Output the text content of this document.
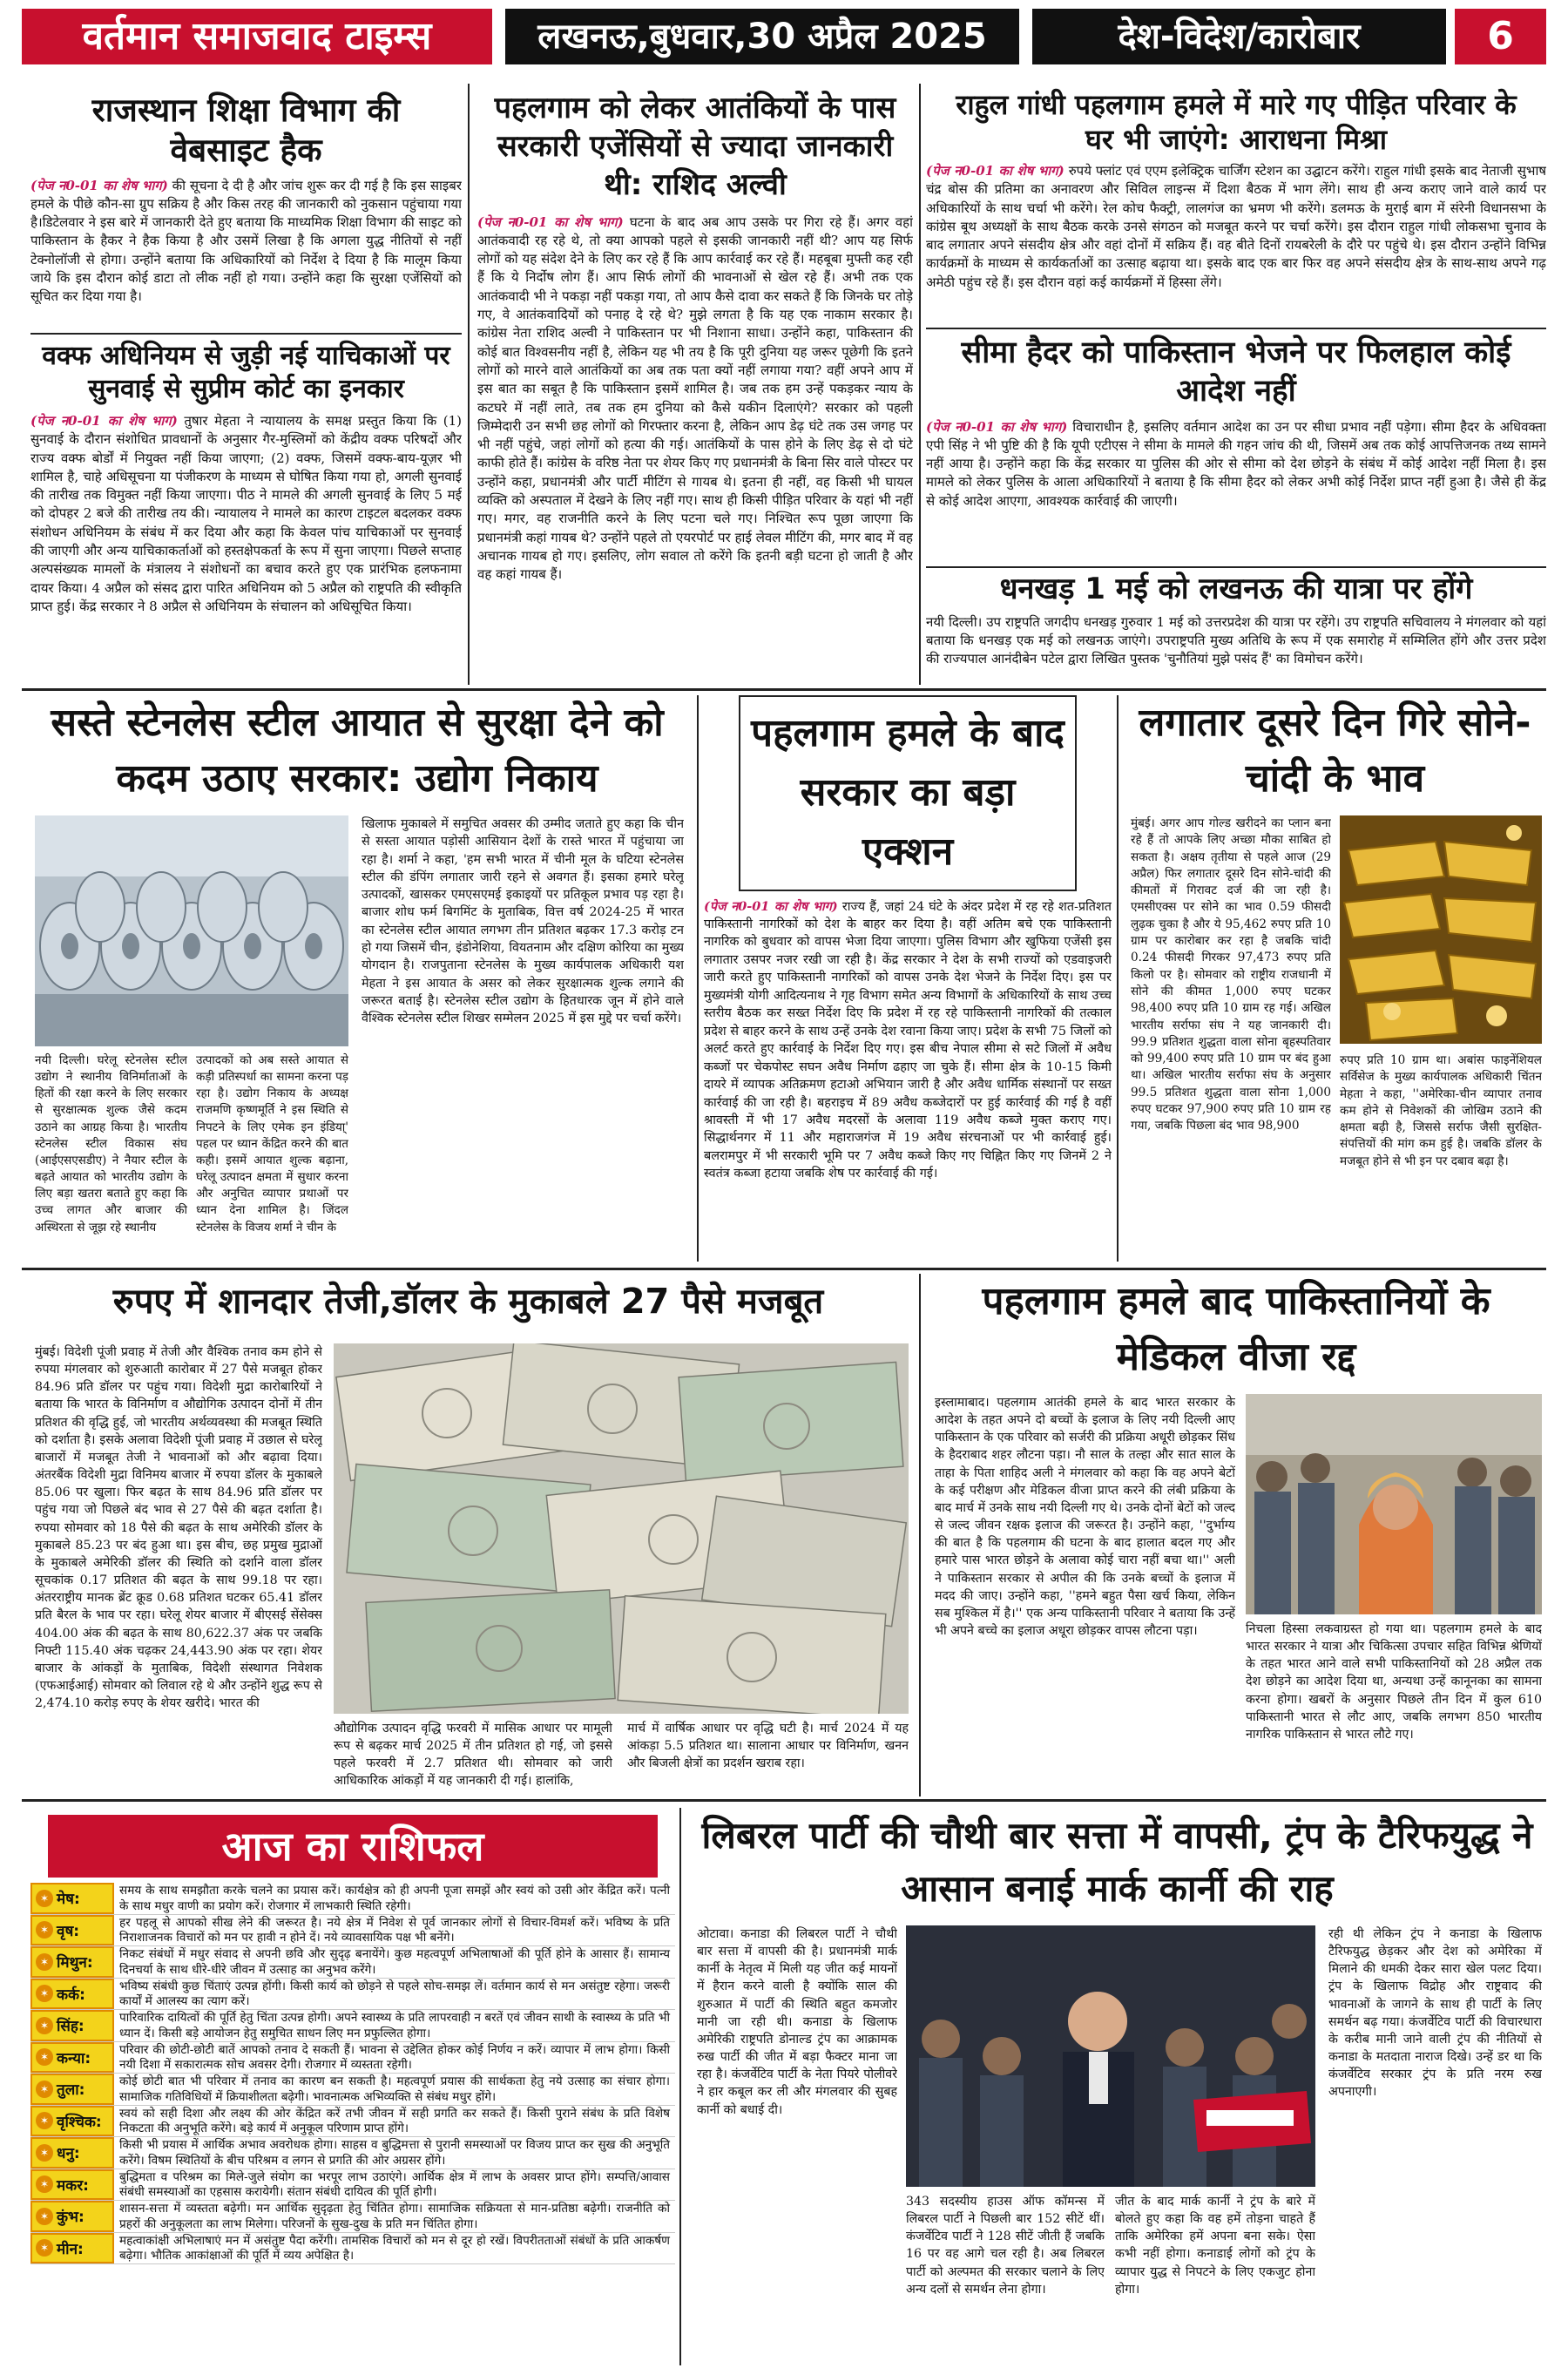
वर्तमान समाजवाद टाइम्स	लखनऊ,बुधवार,30 अप्रैल 2025	देश-विदेश/कारोबार	6
राजस्थान शिक्षा विभाग की वेबसाइट हैक
(पेज न0-01 का शेष भाग) की सूचना दे दी है और जांच शुरू कर दी गई है कि इस साइबर हमले के पीछे कौन-सा ग्रुप सक्रिय है और किस तरह की जानकारी को नुकसान पहुंचाया गया है।डिटेलवार ने इस बारे में जानकारी देते हुए बताया कि माध्यमिक शिक्षा विभाग की साइट को पाकिस्तान के हैकर ने हैक किया है और उसमें लिखा है कि अगला युद्ध नीतियों से नहीं टेक्नोलॉजी से होगा। उन्होंने बताया कि अधिकारियों को निर्देश दे दिया है कि मालूम किया जाये कि इस दौरान कोई डाटा तो लीक नहीं हो गया। उन्होंने कहा कि सुरक्षा एजेंसियों को सूचित कर दिया गया है।
वक्फ अधिनियम से जुड़ी नई याचिकाओं पर सुनवाई से सुप्रीम कोर्ट का इनकार
(पेज न0-01 का शेष भाग) तुषार मेहता ने न्यायालय के समक्ष प्रस्तुत किया कि (1) सुनवाई के दौरान संशोधित प्रावधानों के अनुसार गैर-मुस्लिमों को केंद्रीय वक्फ परिषदों और राज्य वक्फ बोर्डों में नियुक्त नहीं किया जाएगा; (2) वक्फ, जिसमें वक्फ-बाय-यूज़र भी शामिल है, चाहे अधिसूचना या पंजीकरण के माध्यम से घोषित किया गया हो, अगली सुनवाई की तारीख तक विमुक्त नहीं किया जाएगा। पीठ ने मामले की अगली सुनवाई के लिए 5 मई को दोपहर 2 बजे की तारीख तय की। न्यायालय ने मामले का कारण टाइटल बदलकर वक्फ संशोधन अधिनियम के संबंध में कर दिया और कहा कि केवल पांच याचिकाओं पर सुनवाई की जाएगी और अन्य याचिकाकर्ताओं को हस्तक्षेपकर्ता के रूप में सुना जाएगा। पिछले सप्ताह अल्पसंख्यक मामलों के मंत्रालय ने संशोधनों का बचाव करते हुए एक प्रारंभिक हलफनामा दायर किया। 4 अप्रैल को संसद द्वारा पारित अधिनियम को 5 अप्रैल को राष्ट्रपति की स्वीकृति प्राप्त हुई। केंद्र सरकार ने 8 अप्रैल से अधिनियम के संचालन को अधिसूचित किया।
पहलगाम को लेकर आतंकियों के पास सरकारी एजेंसियों से ज्यादा जानकारी थी: राशिद अल्वी
(पेज न0-01 का शेष भाग) घटना के बाद अब आप उसके पर गिरा रहे हैं। अगर वहां आतंकवादी रह रहे थे, तो क्या आपको पहले से इसकी जानकारी नहीं थी? आप यह सिर्फ लोगों को यह संदेश देने के लिए कर रहे हैं कि आप कार्रवाई कर रहे हैं। महबूबा मुफ्ती कह रही हैं कि ये निर्दोष लोग हैं। आप सिर्फ लोगों की भावनाओं से खेल रहे हैं। अभी तक एक आतंकवादी भी ने पकड़ा नहीं पकड़ा गया, तो आप कैसे दावा कर सकते हैं कि जिनके घर तोड़े गए, वे आतंकवादियों को पनाह दे रहे थे? मुझे लगता है कि यह एक नाकाम सरकार है। कांग्रेस नेता राशिद अल्वी ने पाकिस्तान पर भी निशाना साधा। उन्होंने कहा, पाकिस्तान की कोई बात विश्वसनीय नहीं है, लेकिन यह भी तय है कि पूरी दुनिया यह जरूर पूछेगी कि इतने लोगों को मारने वाले आतंकियों का अब तक पता क्यों नहीं लगाया गया? वहीं अपने आप में इस बात का सबूत है कि पाकिस्तान इसमें शामिल है। जब तक हम उन्हें पकड़कर न्याय के कटघरे में नहीं लाते, तब तक हम दुनिया को कैसे यकीन दिलाएंगे? सरकार को पहली जिम्मेदारी उन सभी छह लोगों को गिरफ्तार करना है, लेकिन आप डेढ़ घंटे तक उस जगह पर भी नहीं पहुंचे, जहां लोगों को हत्या की गई। आतंकियों के पास होने के लिए डेढ़ से दो घंटे काफी होते हैं। कांग्रेस के वरिष्ठ नेता पर शेयर किए गए प्रधानमंत्री के बिना सिर वाले पोस्टर पर उन्होंने कहा, प्रधानमंत्री और पार्टी मीटिंग से गायब थे। इतना ही नहीं, वह किसी भी घायल व्यक्ति को अस्पताल में देखने के लिए नहीं गए। साथ ही किसी पीड़ित परिवार के यहां भी नहीं गए। मगर, वह राजनीति करने के लिए पटना चले गए। निश्चित रूप पूछा जाएगा कि प्रधानमंत्री कहां गायब थे? उन्होंने पहले तो एयरपोर्ट पर हाई लेवल मीटिंग की, मगर बाद में वह अचानक गायब हो गए। इसलिए, लोग सवाल तो करेंगे कि इतनी बड़ी घटना हो जाती है और वह कहां गायब हैं।
राहुल गांधी पहलगाम हमले में मारे गए पीड़ित परिवार के घर भी जाएंगे: आराधना मिश्रा
(पेज न0-01 का शेष भाग) रुपये फ्लांट एवं एएम इलेक्ट्रिक चार्जिंग स्टेशन का उद्घाटन करेंगे। राहुल गांधी इसके बाद नेताजी सुभाष चंद्र बोस की प्रतिमा का अनावरण और सिविल लाइन्स में दिशा बैठक में भाग लेंगे। साथ ही अन्य कराए जाने वाले कार्य पर अधिकारियों के साथ चर्चा भी करेंगे। रेल कोच फैक्ट्री, लालगंज का भ्रमण भी करेंगे। डलमऊ के मुराई बाग में संरेनी विधानसभा के कांग्रेस बूथ अध्यक्षों के साथ बैठक करके उनसे संगठन को मजबूत करने पर चर्चा करेंगे। इस दौरान राहुल गांधी लोकसभा चुनाव के बाद लगातार अपने संसदीय क्षेत्र और वहां दोनों में सक्रिय हैं। वह बीते दिनों रायबरेली के दौरे पर पहुंचे थे। इस दौरान उन्होंने विभिन्न कार्यक्रमों के माध्यम से कार्यकर्ताओं का उत्साह बढ़ाया था। इसके बाद एक बार फिर वह अपने संसदीय क्षेत्र के साथ-साथ अपने गढ़ अमेठी पहुंच रहे हैं। इस दौरान वहां कई कार्यक्रमों में हिस्सा लेंगे।
सीमा हैदर को पाकिस्तान भेजने पर फिलहाल कोई आदेश नहीं
(पेज न0-01 का शेष भाग) विचाराधीन है, इसलिए वर्तमान आदेश का उन पर सीधा प्रभाव नहीं पड़ेगा। सीमा हैदर के अधिवक्ता एपी सिंह ने भी पुष्टि की है कि यूपी एटीएस ने सीमा के मामले की गहन जांच की थी, जिसमें अब तक कोई आपत्तिजनक तथ्य सामने नहीं आया है। उन्होंने कहा कि केंद्र सरकार या पुलिस की ओर से सीमा को देश छोड़ने के संबंध में कोई आदेश नहीं मिला है। इस मामले को लेकर पुलिस के आला अधिकारियों ने बताया है कि सीमा हैदर को लेकर अभी कोई निर्देश प्राप्त नहीं हुआ है। जैसे ही केंद्र से कोई आदेश आएगा, आवश्यक कार्रवाई की जाएगी।
धनखड़ 1 मई को लखनऊ की यात्रा पर होंगे
नयी दिल्ली। उप राष्ट्रपति जगदीप धनखड़ गुरुवार 1 मई को उत्तरप्रदेश की यात्रा पर रहेंगे। उप राष्ट्रपति सचिवालय ने मंगलवार को यहां बताया कि धनखड़ एक मई को लखनऊ जाएंगे। उपराष्ट्रपति मुख्य अतिथि के रूप में एक समारोह में सम्मिलित होंगे और उत्तर प्रदेश की राज्यपाल आनंदीबेन पटेल द्वारा लिखित पुस्तक 'चुनौतियां मुझे पसंद हैं' का विमोचन करेंगे।
सस्ते स्टेनलेस स्टील आयात से सुरक्षा देने को कदम उठाए सरकार: उद्योग निकाय
नयी दिल्ली। घरेलू स्टेनलेस स्टील उद्योग ने स्थानीय विनिर्माताओं के हितों की रक्षा करने के लिए सरकार से सुरक्षात्मक शुल्क जैसे कदम उठाने का आग्रह किया है। भारतीय स्टेनलेस स्टील विकास संघ (आईएसएसडीए) ने नैयार स्टील के बढ़ते आयात को भारतीय उद्योग के लिए बड़ा खतरा बताते हुए कहा कि उच्च लागत और बाजार की अस्थिरता से जूझ रहे स्थानीय
उत्पादकों को अब सस्ते आयात से कड़ी प्रतिस्पर्धा का सामना करना पड़ रहा है। उद्योग निकाय के अध्यक्ष राजमणि कृष्णमूर्ति ने इस स्थिति से निपटने के लिए एमेक इन इंडिया्' पहल पर ध्यान केंद्रित करने की बात कही। इसमें आयात शुल्क बढ़ाना, घरेलू उत्पादन क्षमता में सुधार करना और अनुचित व्यापार प्रथाओं पर ध्यान देना शामिल है। जिंदल स्टेनलेस के विजय शर्मा ने चीन के
खिलाफ मुकाबले में समुचित अवसर की उम्मीद जताते हुए कहा कि चीन से सस्ता आयात पड़ोसी आसियान देशों के रास्ते भारत में पहुंचाया जा रहा है। शर्मा ने कहा, 'हम सभी भारत में चीनी मूल के घटिया स्टेनलेस स्टील की डंपिंग लगातार जारी रहने से अवगत हैं। इसका हमारे घरेलू उत्पादकों, खासकर एमएसएमई इकाइयों पर प्रतिकूल प्रभाव पड़ रहा है। बाजार शोध फर्म बिगमिंट के मुताबिक, वित्त वर्ष 2024-25 में भारत का स्टेनलेस स्टील आयात लगभग तीन प्रतिशत बढ़कर 17.3 करोड़ टन हो गया जिसमें चीन, इंडोनेशिया, वियतनाम और दक्षिण कोरिया का मुख्य योगदान है। राजपुताना स्टेनलेस के मुख्य कार्यपालक अधिकारी यश मेहता ने इस आयात के असर को लेकर सुरक्षात्मक शुल्क लगाने की जरूरत बताई है। स्टेनलेस स्टील उद्योग के हितधारक जून में होने वाले वैश्विक स्टेनलेस स्टील शिखर सम्मेलन 2025 में इस मुद्दे पर चर्चा करेंगे।
पहलगाम हमले के बाद सरकार का बड़ा एक्शन
(पेज न0-01 का शेष भाग) राज्य हैं, जहां 24 घंटे के अंदर प्रदेश में रह रहे शत-प्रतिशत पाकिस्तानी नागरिकों को देश के बाहर कर दिया है। वहीं अतिम बचे एक पाकिस्तानी नागरिक को बुधवार को वापस भेजा दिया जाएगा। पुलिस विभाग और खुफिया एजेंसी इस लगातार उसपर नजर रखी जा रही है। केंद्र सरकार ने देश के सभी राज्यों को एडवाइजरी जारी करते हुए पाकिस्तानी नागरिकों को वापस उनके देश भेजने के निर्देश दिए। इस पर मुख्यमंत्री योगी आदित्यनाथ ने गृह विभाग समेत अन्य विभागों के अधिकारियों के साथ उच्च स्तरीय बैठक कर सख्त निर्देश दिए कि प्रदेश में रह रहे पाकिस्तानी नागरिकों की तत्काल प्रदेश से बाहर करने के साथ उन्हें उनके देश रवाना किया जाए। प्रदेश के सभी 75 जिलों को अलर्ट करते हुए कार्रवाई के निर्देश दिए गए। इस बीच नेपाल सीमा से सटे जिलों में अवैध कब्जों पर चेकपोस्ट सघन अवैध निर्माण ढहाए जा चुके हैं। सीमा क्षेत्र के 10-15 किमी दायरे में व्यापक अतिक्रमण हटाओ अभियान जारी है और अवैध धार्मिक संस्थानों पर सख्त कार्रवाई की जा रही है। बहराइच में 89 अवैध कब्जेदारों पर हुई कार्रवाई की गई है वहीं श्रावस्ती में भी 17 अवैध मदरसों के अलावा 119 अवैध कब्जे मुक्त कराए गए। सिद्धार्थनगर में 11 और महाराजगंज में 19 अवैध संरचनाओं पर भी कार्रवाई हुई। बलरामपुर में भी सरकारी भूमि पर 7 अवैध कब्जे किए गए चिह्नित किए गए जिनमें 2 ने स्वतंत्र कब्जा हटाया जबकि शेष पर कार्रवाई की गई।
लगातार दूसरे दिन गिरे सोने-चांदी के भाव
मुंबई। अगर आप गोल्ड खरीदने का प्लान बना रहे हैं तो आपके लिए अच्छा मौका साबित हो सकता है। अक्षय तृतीया से पहले आज (29 अप्रैल) फिर लगातार दूसरे दिन सोने-चांदी की कीमतों में गिरावट दर्ज की जा रही है। एमसीएक्स पर सोने का भाव 0.59 फीसदी लुढ़क चुका है और ये 95,462 रुपए प्रति 10 ग्राम पर कारोबार कर रहा है जबकि चांदी 0.24 फीसदी गिरकर 97,473 रुपए प्रति किलो पर है। सोमवार को राष्ट्रीय राजधानी में सोने की कीमत 1,000 रुपए घटकर 98,400 रुपए प्रति 10 ग्राम रह गई। अखिल भारतीय सर्राफा संघ ने यह जानकारी दी। 99.9 प्रतिशत शुद्धता वाला सोना बृहस्पतिवार को 99,400 रुपए प्रति 10 ग्राम पर बंद हुआ था। अखिल भारतीय सर्राफा संघ के अनुसार 99.5 प्रतिशत शुद्धता वाला सोना 1,000 रुपए घटकर 97,900 रुपए प्रति 10 ग्राम रह गया, जबकि पिछला बंद भाव 98,900
रुपए प्रति 10 ग्राम था। अबांस फाइनेंशियल सर्विसेज के मुख्य कार्यपालक अधिकारी चिंतन मेहता ने कहा, ''अमेरिका-चीन व्यापार तनाव कम होने से निवेशकों की जोखिम उठाने की क्षमता बढ़ी है, जिससे सर्राफ जैसी सुरक्षित-संपत्तियों की मांग कम हुई है। जबकि डॉलर के मजबूत होने से भी इन पर दबाव बढ़ा है।
रुपए में शानदार तेजी,डॉलर के मुकाबले 27 पैसे मजबूत
मुंबई। विदेशी पूंजी प्रवाह में तेजी और वैश्विक तनाव कम होने से रुपया मंगलवार को शुरुआती कारोबार में 27 पैसे मजबूत होकर 84.96 प्रति डॉलर पर पहुंच गया। विदेशी मुद्रा कारोबारियों ने बताया कि भारत के विनिर्माण व औद्योगिक उत्पादन दोनों में तीन प्रतिशत की वृद्धि हुई, जो भारतीय अर्थव्यवस्था की मजबूत स्थिति को दर्शाता है। इसके अलावा विदेशी पूंजी प्रवाह में उछाल से घरेलू बाजारों में मजबूत तेजी ने भावनाओं को और बढ़ावा दिया। अंतरबैंक विदेशी मुद्रा विनिमय बाजार में रुपया डॉलर के मुकाबले 85.06 पर खुला। फिर बढ़त के साथ 84.96 प्रति डॉलर पर पहुंच गया जो पिछले बंद भाव से 27 पैसे की बढ़त दर्शाता है। रुपया सोमवार को 18 पैसे की बढ़त के साथ अमेरिकी डॉलर के मुकाबले 85.23 पर बंद हुआ था। इस बीच, छह प्रमुख मुद्राओं के मुकाबले अमेरिकी डॉलर की स्थिति को दर्शाने वाला डॉलर सूचकांक 0.17 प्रतिशत की बढ़त के साथ 99.18 पर रहा। अंतरराष्ट्रीय मानक ब्रेंट क्रूड 0.68 प्रतिशत घटकर 65.41 डॉलर प्रति बैरल के भाव पर रहा। घरेलू शेयर बाजार में बीएसई सेंसेक्स 404.00 अंक की बढ़त के साथ 80,622.37 अंक पर जबकि निफ्टी 115.40 अंक चढ़कर 24,443.90 अंक पर रहा। शेयर बाजार के आंकड़ों के मुताबिक, विदेशी संस्थागत निवेशक (एफआईआई) सोमवार को लिवाल रहे थे और उन्होंने शुद्ध रूप से 2,474.10 करोड़ रुपए के शेयर खरीदे। भारत की
औद्योगिक उत्पादन वृद्धि फरवरी में मासिक आधार पर मामूली रूप से बढ़कर मार्च 2025 में तीन प्रतिशत हो गई, जो इससे पहले फरवरी में 2.7 प्रतिशत थी। सोमवार को जारी आधिकारिक आंकड़ों में यह जानकारी दी गई। हालांकि,
मार्च में वार्षिक आधार पर वृद्धि घटी है। मार्च 2024 में यह आंकड़ा 5.5 प्रतिशत था। सालाना आधार पर विनिर्माण, खनन और बिजली क्षेत्रों का प्रदर्शन खराब रहा।
पहलगाम हमले बाद पाकिस्तानियों के मेडिकल वीजा रद्द
इस्लामाबाद। पहलगाम आतंकी हमले के बाद भारत सरकार के आदेश के तहत अपने दो बच्चों के इलाज के लिए नयी दिल्ली आए पाकिस्तान के एक परिवार को सर्जरी की प्रक्रिया अधूरी छोड़कर सिंध के हैदराबाद शहर लौटना पड़ा। नौ साल के तल्हा और सात साल के ताहा के पिता शाहिद अली ने मंगलवार को कहा कि वह अपने बेटों के कई परीक्षण और मेडिकल वीजा प्राप्त करने की लंबी प्रक्रिया के बाद मार्च में उनके साथ नयी दिल्ली गए थे। उनके दोनों बेटों को जल्द से जल्द जीवन रक्षक इलाज की जरूरत है। उन्होंने कहा, ''दुर्भाग्य की बात है कि पहलगाम की घटना के बाद हालात बदल गए और हमारे पास भारत छोड़ने के अलावा कोई चारा नहीं बचा था।'' अली ने पाकिस्तान सरकार से अपील की कि उनके बच्चों के इलाज में मदद की जाए। उन्होंने कहा, ''हमने बहुत पैसा खर्च किया, लेकिन सब मुश्किल में है।'' एक अन्य पाकिस्तानी परिवार ने बताया कि उन्हें भी अपने बच्चे का इलाज अधूरा छोड़कर वापस लौटना पड़ा।	निचला हिस्सा लकवाग्रस्त हो गया था। पहलगाम हमले के बाद भारत सरकार ने यात्रा और चिकित्सा उपचार सहित विभिन्न श्रेणियों के तहत भारत आने वाले सभी पाकिस्तानियों को 28 अप्रैल तक देश छोड़ने का आदेश दिया था, अन्यथा उन्हें कानूनका का सामना करना होगा। खबरों के अनुसार पिछले तीन दिन में कुल 610 पाकिस्तानी भारत से लौट आए, जबकि लगभग 850 भारतीय नागरिक पाकिस्तान से भारत लौटे गए।
आज का राशिफल
✶ मेष:
समय के साथ समझौता करके चलने का प्रयास करें। कार्यक्षेत्र को ही अपनी पूजा समझें और स्वयं को उसी ओर केंद्रित करें। पत्नी के साथ मधुर वाणी का प्रयोग करें। रोजगार में लाभकारी स्थिति रहेगी।
✶ वृष:
हर पहलू से आपको सीख लेने की जरूरत है। नये क्षेत्र में निवेश से पूर्व जानकार लोगों से विचार-विमर्श करें। भविष्य के प्रति निराशाजनक विचारों को मन पर हावी न होने दें। नये व्यावसायिक पक्ष भी बनेंगे।
✶ मिथुन:
निकट संबंधों में मधुर संवाद से अपनी छवि और सुदृढ़ बनायेंगे। कुछ महत्वपूर्ण अभिलाषाओं की पूर्ति होने के आसार हैं। सामान्य दिनचर्या के साथ धीरे-धीरे जीवन में उत्साह का अनुभव करेंगे।
✶ कर्क:
भविष्य संबंधी कुछ चिंताएं उत्पन्न होंगी। किसी कार्य को छोड़ने से पहले सोच-समझ लें। वर्तमान कार्य से मन असंतुष्ट रहेगा। जरूरी कार्यों में आलस्य का त्याग करें।
✶ सिंह:
पारिवारिक दायित्वों की पूर्ति हेतु चिंता उत्पन्न होगी। अपने स्वास्थ्य के प्रति लापरवाही न बरतें एवं जीवन साथी के स्वास्थ्य के प्रति भी ध्यान दें। किसी बड़े आयोजन हेतु समुचित साधन लिए मन प्रफुल्लित होगा।
✶ कन्या:
परिवार की छोटी-छोटी बातें आपको तनाव दे सकती हैं। भावना से उद्देलित होकर कोई निर्णय न करें। व्यापार में लाभ होगा। किसी नयी दिशा में सकारात्मक सोच अवसर देगी। रोजगार में व्यस्तता रहेगी।
✶ तुला:
कोई छोटी बात भी परिवार में तनाव का कारण बन सकती है। महत्वपूर्ण प्रयास की सार्थकता हेतु नये उत्साह का संचार होगा। सामाजिक गतिविधियों में क्रियाशीलता बढ़ेगी। भावनात्मक अभिव्यक्ति से संबंध मधुर होंगे।
✶ वृश्चिक:
स्वयं को सही दिशा और लक्ष्य की ओर केंद्रित करें तभी जीवन में सही प्रगति कर सकते हैं। किसी पुराने संबंध के प्रति विशेष निकटता की अनुभूति करेंगे। बड़े कार्य में अनुकूल परिणाम प्राप्त होंगे।
✶ धनु:
किसी भी प्रयास में आर्थिक अभाव अवरोधक होगा। साहस व बुद्धिमत्ता से पुरानी समस्याओं पर विजय प्राप्त कर सुख की अनुभूति करेंगे। विषम स्थितियों के बीच परिश्रम व लगन से प्रगति की ओर अग्रसर होंगे।
✶ मकर:
बुद्धिमता व परिश्रम का मिले-जुले संयोग का भरपूर लाभ उठाएंगे। आर्थिक क्षेत्र में लाभ के अवसर प्राप्त होंगे। सम्पत्ति/आवास संबंधी समस्याओं का एहसास करायेगी। संतान संबंधी दायित्व की पूर्ति होगी।
✶ कुंभ:
शासन-सत्ता में व्यस्तता बढ़ेगी। मन आर्थिक सुदृढ़ता हेतु चिंतित होगा। सामाजिक सक्रियता से मान-प्रतिष्ठा बढ़ेगी। राजनीति को प्रहरों की अनुकूलता का लाभ मिलेगा। परिजनों के सुख-दुख के प्रति मन चिंतित होगा।
✶ मीन:
महत्वाकांक्षी अभिलाषाएं मन में असंतुष्ट पैदा करेंगी। तामसिक विचारों को मन से दूर हो रखें। विपरीतताओं संबंधों के प्रति आकर्षण बढ़ेगा। भौतिक आकांक्षाओं की पूर्ति में व्यय अपेक्षित है।
लिबरल पार्टी की चौथी बार सत्ता में वापसी, ट्रंप के टैरिफयुद्ध ने आसान बनाई मार्क कार्नी की राह
ओटावा। कनाडा की लिबरल पार्टी ने चौथी बार सत्ता में वापसी की है। प्रधानमंत्री मार्क कार्नी के नेतृत्व में मिली यह जीत कई मायनों में हैरान करने वाली है क्योंकि साल की शुरुआत में पार्टी की स्थिति बहुत कमजोर मानी जा रही थी। कनाडा के खिलाफ अमेरिकी राष्ट्रपति डोनाल्ड ट्रंप का आक्रामक रुख पार्टी की जीत में बड़ा फैक्टर माना जा रहा है। कंजर्वेटिव पार्टी के नेता पियरे पोलीवरे ने हार कबूल कर ली और मंगलवार की सुबह कार्नी को बधाई दी।
343 सदस्यीय हाउस ऑफ कॉमन्स में लिबरल पार्टी ने पिछली बार 152 सीटें थीं। कंजर्वेटिव पार्टी ने 128 सीटें जीती हैं जबकि 16 पर वह आगे चल रही है। अब लिबरल पार्टी को अल्पमत की सरकार चलाने के लिए अन्य दलों से समर्थन लेना होगा।
जीत के बाद मार्क कार्नी ने ट्रंप के बारे में बोलते हुए कहा कि वह हमें तोड़ना चाहते हैं ताकि अमेरिका हमें अपना बना सके। ऐसा कभी नहीं होगा। कनाडाई लोगों को ट्रंप के व्यापार युद्ध से निपटने के लिए एकजुट होना होगा।
रही थी लेकिन ट्रंप ने कनाडा के खिलाफ टैरिफयुद्ध छेड़कर और देश को अमेरिका में मिलाने की धमकी देकर सारा खेल पलट दिया। ट्रंप के खिलाफ विद्रोह और राष्ट्रवाद की भावनाओं के जागने के साथ ही पार्टी के लिए समर्थन बढ़ गया। कंजर्वेटिव पार्टी की विचारधारा के करीब मानी जाने वाली ट्रंप की नीतियों से कनाडा के मतदाता नाराज दिखे। उन्हें डर था कि कंजर्वेटिव सरकार ट्रंप के प्रति नरम रुख अपनाएगी।
